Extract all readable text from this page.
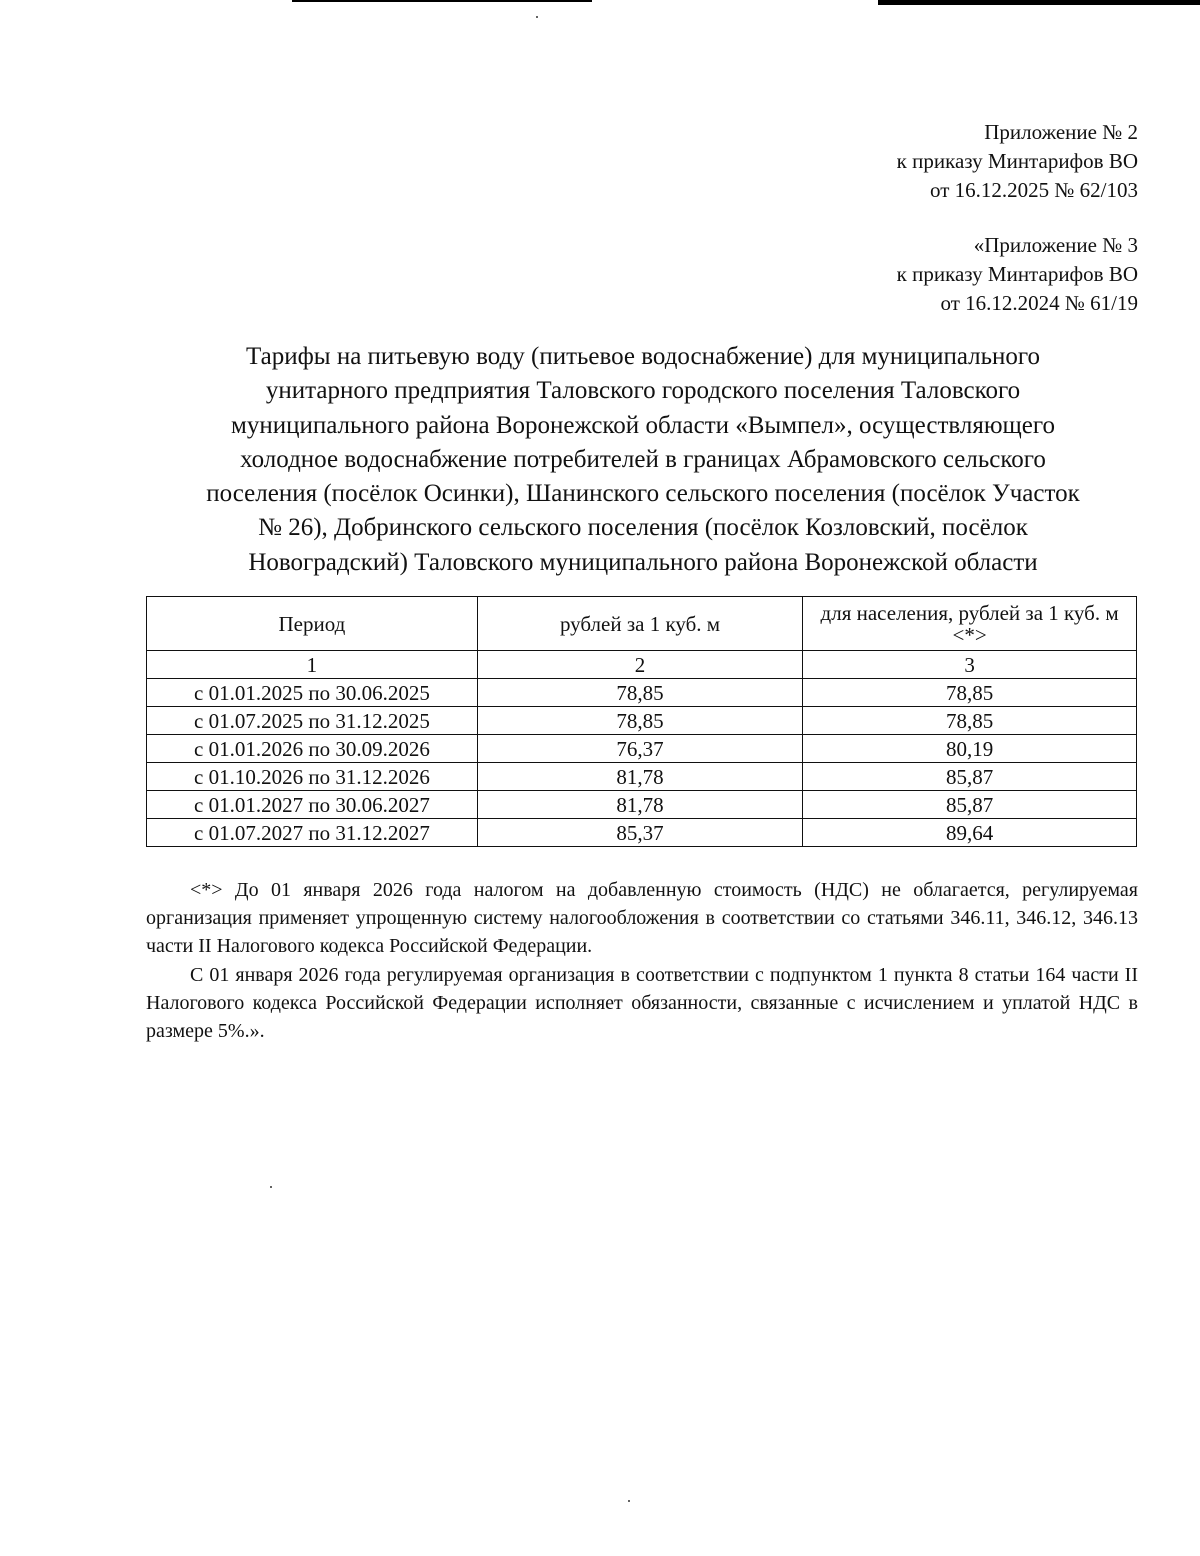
Приложение № 2
к приказу Минтарифов ВО
от 16.12.2025 № 62/103
«Приложение № 3
к приказу Минтарифов ВО
от 16.12.2024 № 61/19
Тарифы на питьевую воду (питьевое водоснабжение) для муниципального
унитарного предприятия Таловского городского поселения Таловского
муниципального района Воронежской области «Вымпел», осуществляющего
холодное водоснабжение потребителей в границах Абрамовского сельского
поселения (посёлок Осинки), Шанинского сельского поселения (посёлок Участок
№ 26), Добринского сельского поселения (посёлок Козловский, посёлок
Новоградский) Таловского муниципального района Воронежской области
Период	рублей за 1 куб. м	для населения, рублей за 1 куб. м <*>
1	2	3
с 01.01.2025 по 30.06.2025	78,85	78,85
с 01.07.2025 по 31.12.2025	78,85	78,85
с 01.01.2026 по 30.09.2026	76,37	80,19
с 01.10.2026 по 31.12.2026	81,78	85,87
с 01.01.2027 по 30.06.2027	81,78	85,87
с 01.07.2027 по 31.12.2027	85,37	89,64

<*> До 01 января 2026 года налогом на добавленную стоимость (НДС) не облагается, регулируемая организация применяет упрощенную систему налогообложения в соответствии со статьями 346.11, 346.12, 346.13 части II Налогового кодекса Российской Федерации.

С 01 января 2026 года регулируемая организация в соответствии с подпунктом 1 пункта 8 статьи 164 части II Налогового кодекса Российской Федерации исполняет обязанности, связанные с исчислением и уплатой НДС в размере 5%.».
